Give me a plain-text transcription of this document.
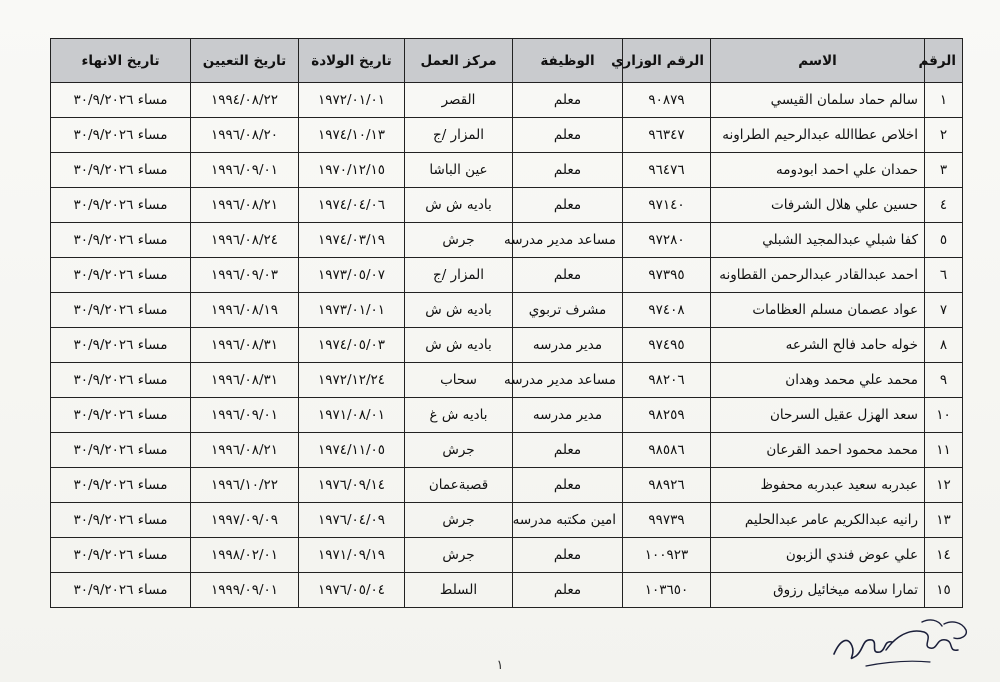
الرقم	الاسم	الرقم الوزاري	الوظيفة	مركز العمل	تاريخ الولادة	تاريخ التعيين	تاريخ الانهاء
١	سالم حماد سلمان القيسي	٩٠٨٧٩	معلم	القصر	١٩٧٢/٠١/٠١	١٩٩٤/٠٨/٢٢	مساء ٣٠/٩/٢٠٢٦
٢	اخلاص عطاالله عبدالرحيم الطراونه	٩٦٣٤٧	معلم	المزار /ج	١٩٧٤/١٠/١٣	١٩٩٦/٠٨/٢٠	مساء ٣٠/٩/٢٠٢٦
٣	حمدان علي احمد ابودومه	٩٦٤٧٦	معلم	عين الباشا	١٩٧٠/١٢/١٥	١٩٩٦/٠٩/٠١	مساء ٣٠/٩/٢٠٢٦
٤	حسين علي هلال الشرفات	٩٧١٤٠	معلم	باديه ش ش	١٩٧٤/٠٤/٠٦	١٩٩٦/٠٨/٢١	مساء ٣٠/٩/٢٠٢٦
٥	كفا شبلي عبدالمجيد الشبلي	٩٧٢٨٠	مساعد مدير مدرسه	جرش	١٩٧٤/٠٣/١٩	١٩٩٦/٠٨/٢٤	مساء ٣٠/٩/٢٠٢٦
٦	احمد عبدالقادر عبدالرحمن القطاونه	٩٧٣٩٥	معلم	المزار /ج	١٩٧٣/٠٥/٠٧	١٩٩٦/٠٩/٠٣	مساء ٣٠/٩/٢٠٢٦
٧	عواد عصمان مسلم العظامات	٩٧٤٠٨	مشرف تربوي	باديه ش ش	١٩٧٣/٠١/٠١	١٩٩٦/٠٨/١٩	مساء ٣٠/٩/٢٠٢٦
٨	خوله حامد فالح الشرعه	٩٧٤٩٥	مدير مدرسه	باديه ش ش	١٩٧٤/٠٥/٠٣	١٩٩٦/٠٨/٣١	مساء ٣٠/٩/٢٠٢٦
٩	محمد علي محمد وهدان	٩٨٢٠٦	مساعد مدير مدرسه	سحاب	١٩٧٢/١٢/٢٤	١٩٩٦/٠٨/٣١	مساء ٣٠/٩/٢٠٢٦
١٠	سعد الهزل عقيل السرحان	٩٨٢٥٩	مدير مدرسه	باديه ش غ	١٩٧١/٠٨/٠١	١٩٩٦/٠٩/٠١	مساء ٣٠/٩/٢٠٢٦
١١	محمد محمود احمد القرعان	٩٨٥٨٦	معلم	جرش	١٩٧٤/١١/٠٥	١٩٩٦/٠٨/٢١	مساء ٣٠/٩/٢٠٢٦
١٢	عبدربه سعيد عبدربه محفوظ	٩٨٩٢٦	معلم	قصبةعمان	١٩٧٦/٠٩/١٤	١٩٩٦/١٠/٢٢	مساء ٣٠/٩/٢٠٢٦
١٣	رانيه عبدالكريم عامر عبدالحليم	٩٩٧٣٩	امين مكتبه مدرسه	جرش	١٩٧٦/٠٤/٠٩	١٩٩٧/٠٩/٠٩	مساء ٣٠/٩/٢٠٢٦
١٤	علي عوض فندي الزبون	١٠٠٩٢٣	معلم	جرش	١٩٧١/٠٩/١٩	١٩٩٨/٠٢/٠١	مساء ٣٠/٩/٢٠٢٦
١٥	تمارا سلامه ميخائيل رزوق	١٠٣٦٥٠	معلم	السلط	١٩٧٦/٠٥/٠٤	١٩٩٩/٠٩/٠١	مساء ٣٠/٩/٢٠٢٦
١
